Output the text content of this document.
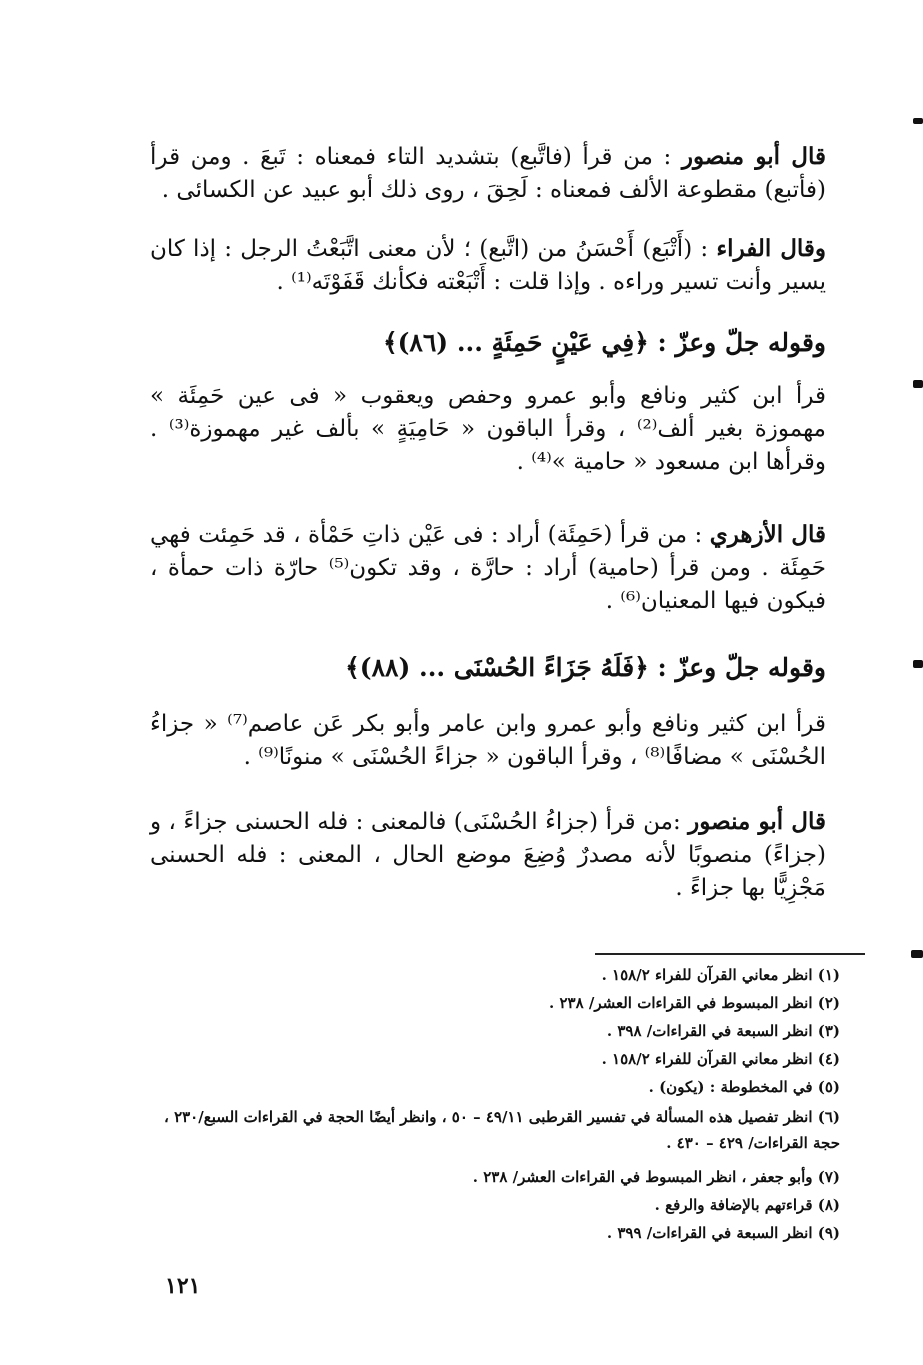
قال أبو منصور : من قرأ (فاتَّبع) بتشديد التاء فمعناه : تَبعَ . ومن قرأ (فأتبع) مقطوعة الألف فمعناه : لَحِقَ ، روى ذلك أبو عبيد عن الكسائى .
وقال الفراء : (أَتْبَع) أَحْسَنُ من (اتَّبع) ؛ لأن معنى اتَّبَعْتُ الرجل : إذا كان يسير وأنت تسير وراءه . وإذا قلت : أَتْبَعْته فكأنك قَفَوْتَه⁽¹⁾ .
وقوله جلّ وعزّ : ﴿فِي عَيْنٍ حَمِئَةٍ ... (٨٦)﴾
قرأ ابن كثير ونافع وأبو عمرو وحفص ويعقوب « فى عين حَمِئَة » مهموزة بغير ألف⁽²⁾ ، وقرأ الباقون « حَامِيَةٍ » بألف غير مهموزة⁽³⁾ . وقرأها ابن مسعود « حامية »⁽⁴⁾ .
قال الأزهري : من قرأ (حَمِئَة) أراد : فى عَيْن ذاتِ حَمْأة ، قد حَمِئت فهي حَمِئَة . ومن قرأ (حامية) أراد : حارَّة ، وقد تكون⁽⁵⁾ حارّة ذات حمأة ، فيكون فيها المعنيان⁽⁶⁾ .
وقوله جلّ وعزّ : ﴿فَلَهُ جَزَاءً الحُسْنَى ... (٨٨)﴾
قرأ ابن كثير ونافع وأبو عمرو وابن عامر وأبو بكر عَن عاصم⁽⁷⁾ « جزاءُ الحُسْنَى » مضافًا⁽⁸⁾ ، وقرأ الباقون « جزاءً الحُسْنَى » منونًا⁽⁹⁾ .
قال أبو منصور :من قرأ (جزاءُ الحُسْنَى) فالمعنى : فله الحسنى جزاءً ، و (جزاءً) منصوبًا لأنه مصدرٌ وُضِعَ موضع الحال ، المعنى : فله الحسنى مَجْزِيًّا بها جزاءً .
(١) انظر معاني القرآن للفراء ١٥٨/٢ .
(٢) انظر المبسوط في القراءات العشر/ ٢٣٨ .
(٣) انظر السبعة في القراءات/ ٣٩٨ .
(٤) انظر معاني القرآن للفراء ١٥٨/٢ .
(٥) في المخطوطة : (يكون) .
(٦) انظر تفصيل هذه المسألة في تفسير القرطبى ٤٩/١١ – ٥٠ ، وانظر أيضًا الحجة في القراءات السبع/٢٣٠ ، حجة القراءات/ ٤٢٩ – ٤٣٠ .
(٧) وأبو جعفر ، انظر المبسوط في القراءات العشر/ ٢٣٨ .
(٨) قراءتهم بالإضافة والرفع .
(٩) انظر السبعة في القراءات/ ٣٩٩ .
١٢١
